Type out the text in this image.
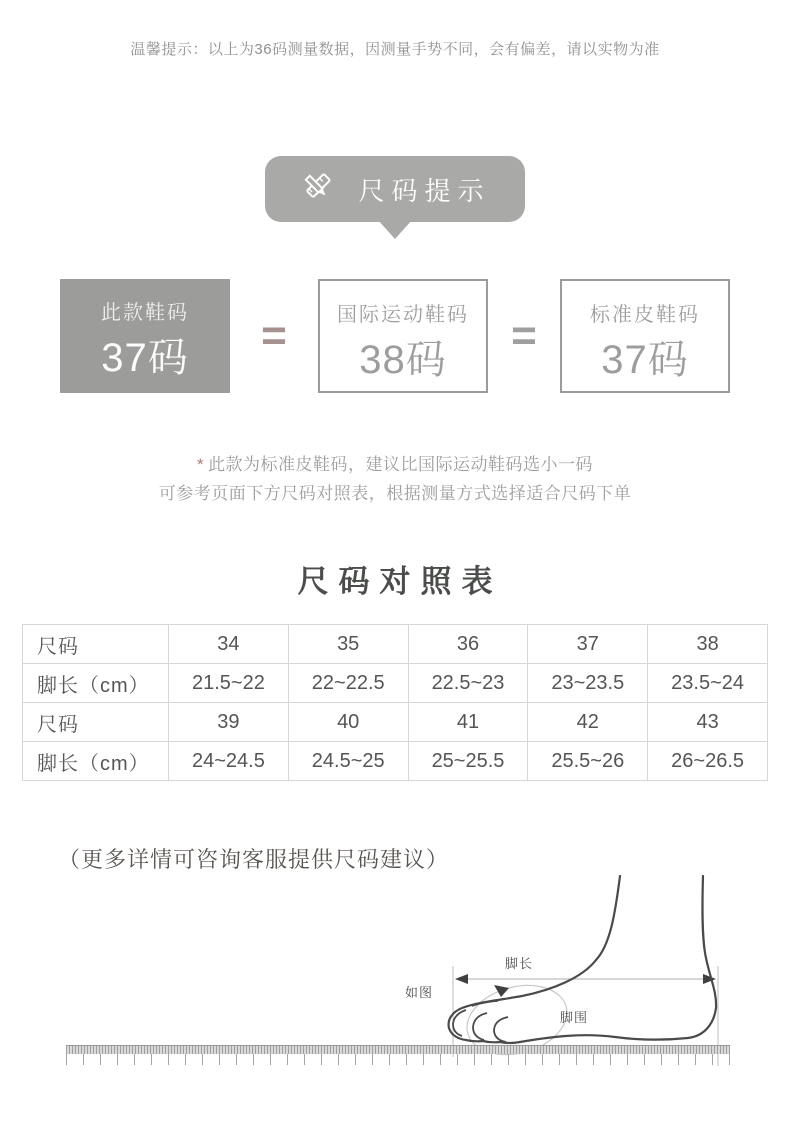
温馨提示：以上为36码测量数据，因测量手势不同，会有偏差，请以实物为准
尺码提示
此款鞋码
37码	=	国际运动鞋码
38码	=	标准皮鞋码
37码
* 此款为标准皮鞋码，建议比国际运动鞋码选小一码
可参考页面下方尺码对照表，根据测量方式选择适合尺码下单
尺码对照表
尺码	34	35	36	37	38
脚长（cm）	21.5~22	22~22.5	22.5~23	23~23.5	23.5~24
尺码	39	40	41	42	43
脚长（cm）	24~24.5	24.5~25	25~25.5	25.5~26	26~26.5
（更多详情可咨询客服提供尺码建议）
脚长
如图
脚围
